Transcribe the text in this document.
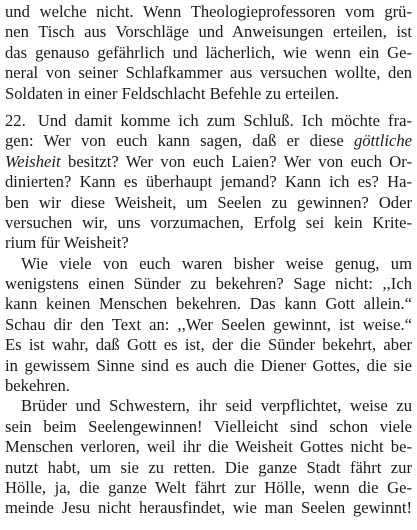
und welche nicht. Wenn Theologieprofessoren vom grü-
nen Tisch aus Vorschläge und Anweisungen erteilen, ist
das genauso gefährlich und lächerlich, wie wenn ein Ge-
neral von seiner Schlafkammer aus versuchen wollte, den
Soldaten in einer Feldschlacht Befehle zu erteilen.
22. Und damit komme ich zum Schluß. Ich möchte fra-
gen: Wer von euch kann sagen, daß er diese göttliche
Weisheit besitzt? Wer von euch Laien? Wer von euch Or-
dinierten? Kann es überhaupt jemand? Kann ich es? Ha-
ben wir diese Weisheit, um Seelen zu gewinnen? Oder
versuchen wir, uns vorzumachen, Erfolg sei kein Krite-
rium für Weisheit?
Wie viele von euch waren bisher weise genug, um
wenigstens einen Sünder zu bekehren? Sage nicht: ,,Ich
kann keinen Menschen bekehren. Das kann Gott allein.“
Schau dir den Text an: ,,Wer Seelen gewinnt, ist weise.“
Es ist wahr, daß Gott es ist, der die Sünder bekehrt, aber
in gewissem Sinne sind es auch die Diener Gottes, die sie
bekehren.
Brüder und Schwestern, ihr seid verpflichtet, weise zu
sein beim Seelengewinnen! Vielleicht sind schon viele
Menschen verloren, weil ihr die Weisheit Gottes nicht be-
nutzt habt, um sie zu retten. Die ganze Stadt fährt zur
Hölle, ja, die ganze Welt fährt zur Hölle, wenn die Ge-
meinde Jesu nicht herausfindet, wie man Seelen gewinnt!
